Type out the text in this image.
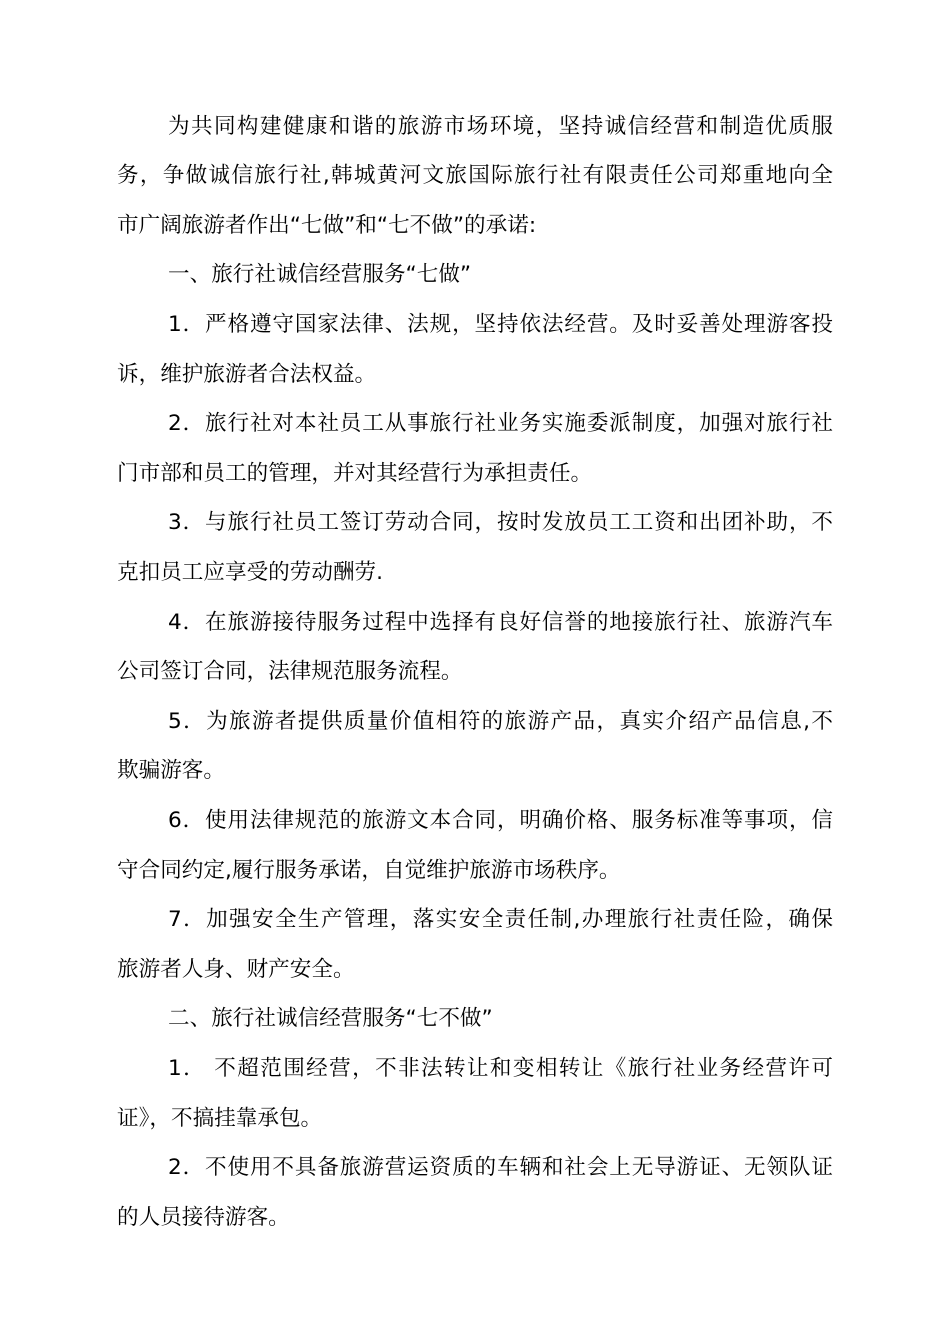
为共同构建健康和谐的旅游市场环境，坚持诚信经营和制造优质服
务，争做诚信旅行社,韩城黄河文旅国际旅行社有限责任公司郑重地向全
市广阔旅游者作出“七做”和“七不做”的承诺:
一、旅行社诚信经营服务“七做”
1．严格遵守国家法律、法规，坚持依法经营。及时妥善处理游客投
诉，维护旅游者合法权益。
2．旅行社对本社员工从事旅行社业务实施委派制度，加强对旅行社
门市部和员工的管理，并对其经营行为承担责任。
3．与旅行社员工签订劳动合同，按时发放员工工资和出团补助，不
克扣员工应享受的劳动酬劳.
4．在旅游接待服务过程中选择有良好信誉的地接旅行社、旅游汽车
公司签订合同，法律规范服务流程。
5．为旅游者提供质量价值相符的旅游产品，真实介绍产品信息,不
欺骗游客。
6．使用法律规范的旅游文本合同，明确价格、服务标准等事项，信
守合同约定,履行服务承诺，自觉维护旅游市场秩序。
7．加强安全生产管理，落实安全责任制,办理旅行社责任险，确保
旅游者人身、财产安全。
二、旅行社诚信经营服务“七不做”
1． 不超范围经营，不非法转让和变相转让《旅行社业务经营许可
证》，不搞挂靠承包。
2．不使用不具备旅游营运资质的车辆和社会上无导游证、无领队证
的人员接待游客。
